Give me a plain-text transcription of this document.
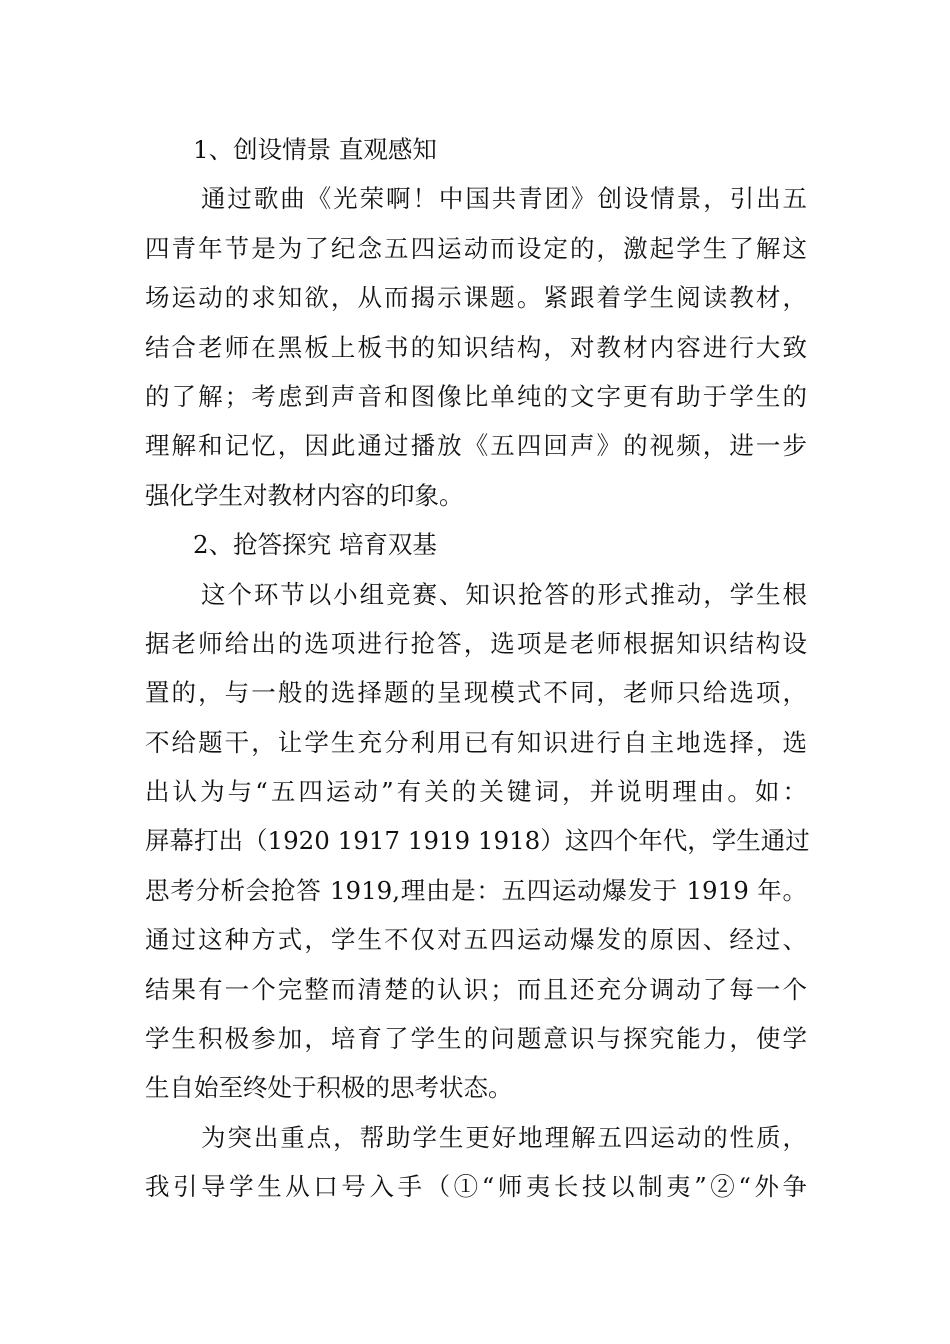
1、创设情景 直观感知
通过歌曲《光荣啊！中国共青团》创设情景，引出五
四青年节是为了纪念五四运动而设定的，激起学生了解这
场运动的求知欲，从而揭示课题。紧跟着学生阅读教材，
结合老师在黑板上板书的知识结构，对教材内容进行大致
的了解；考虑到声音和图像比单纯的文字更有助于学生的
理解和记忆，因此通过播放《五四回声》的视频，进一步
强化学生对教材内容的印象。
2、抢答探究 培育双基
这个环节以小组竞赛、知识抢答的形式推动，学生根
据老师给出的选项进行抢答，选项是老师根据知识结构设
置的，与一般的选择题的呈现模式不同，老师只给选项，
不给题干，让学生充分利用已有知识进行自主地选择，选
出认为与“五四运动”有关的关键词，并说明理由。如：
屏幕打出（1920 1917 1919 1918）这四个年代，学生通过
思考分析会抢答 1919,理由是：五四运动爆发于 1919 年。
通过这种方式，学生不仅对五四运动爆发的原因、经过、
结果有一个完整而清楚的认识；而且还充分调动了每一个
学生积极参加，培育了学生的问题意识与探究能力，使学
生自始至终处于积极的思考状态。
为突出重点，帮助学生更好地理解五四运动的性质，
我引导学生从口号入手（①“师夷长技以制夷”②“外争
